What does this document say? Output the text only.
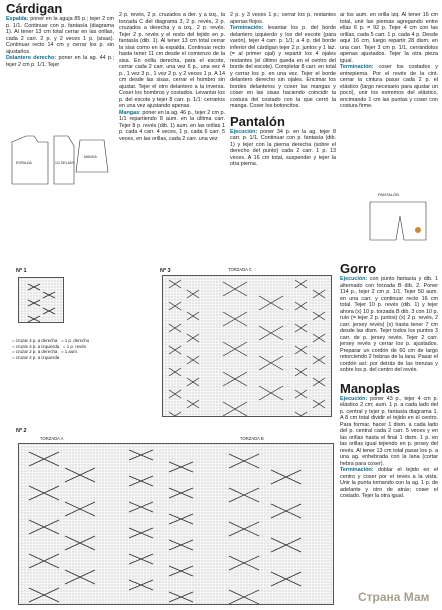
Cárdigan

Espalda: poner en la aguja 85 p.; tejer 2 cm p. 1/1. Continuar con p. fantasía (diagrama 1). Al tener 13 cm total cerrar en las orillas, cada 2 carr. 2 p. y 2 veces 1 p. (sisas). Continuar recto 14 cm y cerrar los p. sin ajustarlos.

Delantero derecho: poner en la ag. 44 p.; tejer 2 cm p. 1/1. Tejer

ESPALDA	1/2 DELANT.
MANGA

2 p. revés, 2 p. cruzados a der. y a izq., la torzada C del diagrama 3, 2 p. revés, 2 p. cruzados a derecha y a izq., 2 p. revés. Tejer 2 p. revés y el resto del tejido en p. fantasía (dib. 1). Al tener 13 cm total cerrar la sisa como en la espalda. Continuar recto hasta tener 11 cm desde el comienzo de la sisa. En orilla derecha, para el escote, cerrar cada 2 carr. una vez 6 p., una vez 4 p., 1 vez 3 p., 1 vez 2 p. y 2 veces 1 p. A 14 cm desde las sisas, cerrar el hombro sin ajustar. Tejer el otro delantero a la inversa. Coser los hombros y costados. Levantar los p. del escote y tejer 8 carr. p. 1/1: cerrarlos en una vez ajustando apenas.

Mangas: poner en la ag. 46 p., tejer 2 cm p. 1/1 repartiendo 8 aum. en la última carr. Tejer 8 p. revés (dib. 1) aum. en las orillas 1 p. cada 4 carr. 4 veces, 1 p. cada 6 carr. 5 veces, en las orillas, cada 2 carr. una vez

2 p. y 3 veces 1 p.; cerrar los p. restantes apenas flojos.

Terminación: levantar los p. del borde delantero izquierdo y los del escote (para varón), tejer 4 carr. p. 1/1; a 4 p. del borde inferior del cárdigan tejer 2 p. juntos y 1 laz. (= al primer ojal) y repartir los 4 ojales restantes (el último queda en el centro del borde del escote). Completar 8 carr. en total y cerrar los p. en una vez. Tejer el borde delantero derecho sin ojales. Encimar los bordes delanteros y coser las mangas y coser en las sisas haciendo coincidir la costura del costado con la que cerró la manga. Coser los botoncitos.

Pantalón

Ejecución: poner 34 p. en la ag. tejer 8 carr. p. 1/1. Continuar con p. fantasía (dib. 1) y tejer con la pierna derecha (sobre el derecho del punto) cada 2 carr. 1 p. 13 veces. A 16 cm total, suspender y tejer la otra pierna.

ar los aum. en orilla izq. Al tener 16 cm total, unir las piernas agregando entre ellas 6 p. = 92 p. Tejer 4 cm con las orillas, cada 5 carr. 1 p. cada 4 p. Desde aquí 16 cm, luego repartir 28 dism. en una carr. Tejer 3 cm p. 1/1, cerrándolos apenas ajustados. Tejer la otra pieza igual.

Terminación: coser los costados y entrepierna. Por el revés de la cint. cerrar la cintura pasar cada 2 p. el elástico (largo necesario para ajustar un poco), unir los extremos del elástico, encimando 1 cm las puntas y coser con costura firme.

PANTALÓN
Gorro

Ejecución: con punto fantasía y dib. 1 alternado con torzada B dib. 2. Poner 114 p., tejer 2 cm p. 1/1. Tejer 50 aum. en una carr. y continuar recto 16 cm total. Tejer 10 p. revés (dib. 1) y tejer ahora (x) 10 p. torzada B dib. 3 con 10 p. rulo (= tejer 2 p. juntos) (x) 2 p. revés, 2 carr. jersey revés) (x) hasta tener 7 cm desde las dism. Tejer todos los puntos 3 carr. de p. jersey revés. Tejer 2 carr. jersey revés y cerrar los p. ajustados. Preparar un cordón de 60 cm de largo retorciendo 2 hebras de la lana. Pasar el cordón así: por detrás de las trenzas y sobre los p. del centro del revés.

Manoplas

Ejecución: poner 43 p., tejer 4 cm p. elástico 2 cm; aum. 1 p. a cada lado del p. central y tejer p. fantasía diagrama 1. A 8 cm total dividir el tejido en el centro. Para formar, hacer 1 dism. a cada lado del p. central cada 2 carr. 5 veces y en las orillas hasta el final 1 dism. 1 p. en las orillas igual tejiendo en p. jersey del revés. Al tener 13 cm total pasar los p. a una ag. enhebrada con la lana (cortar hebra para coser).

Terminación: doblar el tejido en el centro y coser por el revés a la vista. Unir la punta tomando con la ag. 1 p. de adelante y otro de atrás; coser el costado. Tejer la otra igual.

Nº 1	Nº 3	TORZADA C
= cruzar 4 p. a derecha = 1 p. derecho
= cruzar 4 p. a izquierda = 1 p. revés
= cruzar 2 p. a derecha = 1 aum.
= cruzar 2 p. a izquierda
Nº 2
TORZADA A	TORZADA B
Страна Мам
